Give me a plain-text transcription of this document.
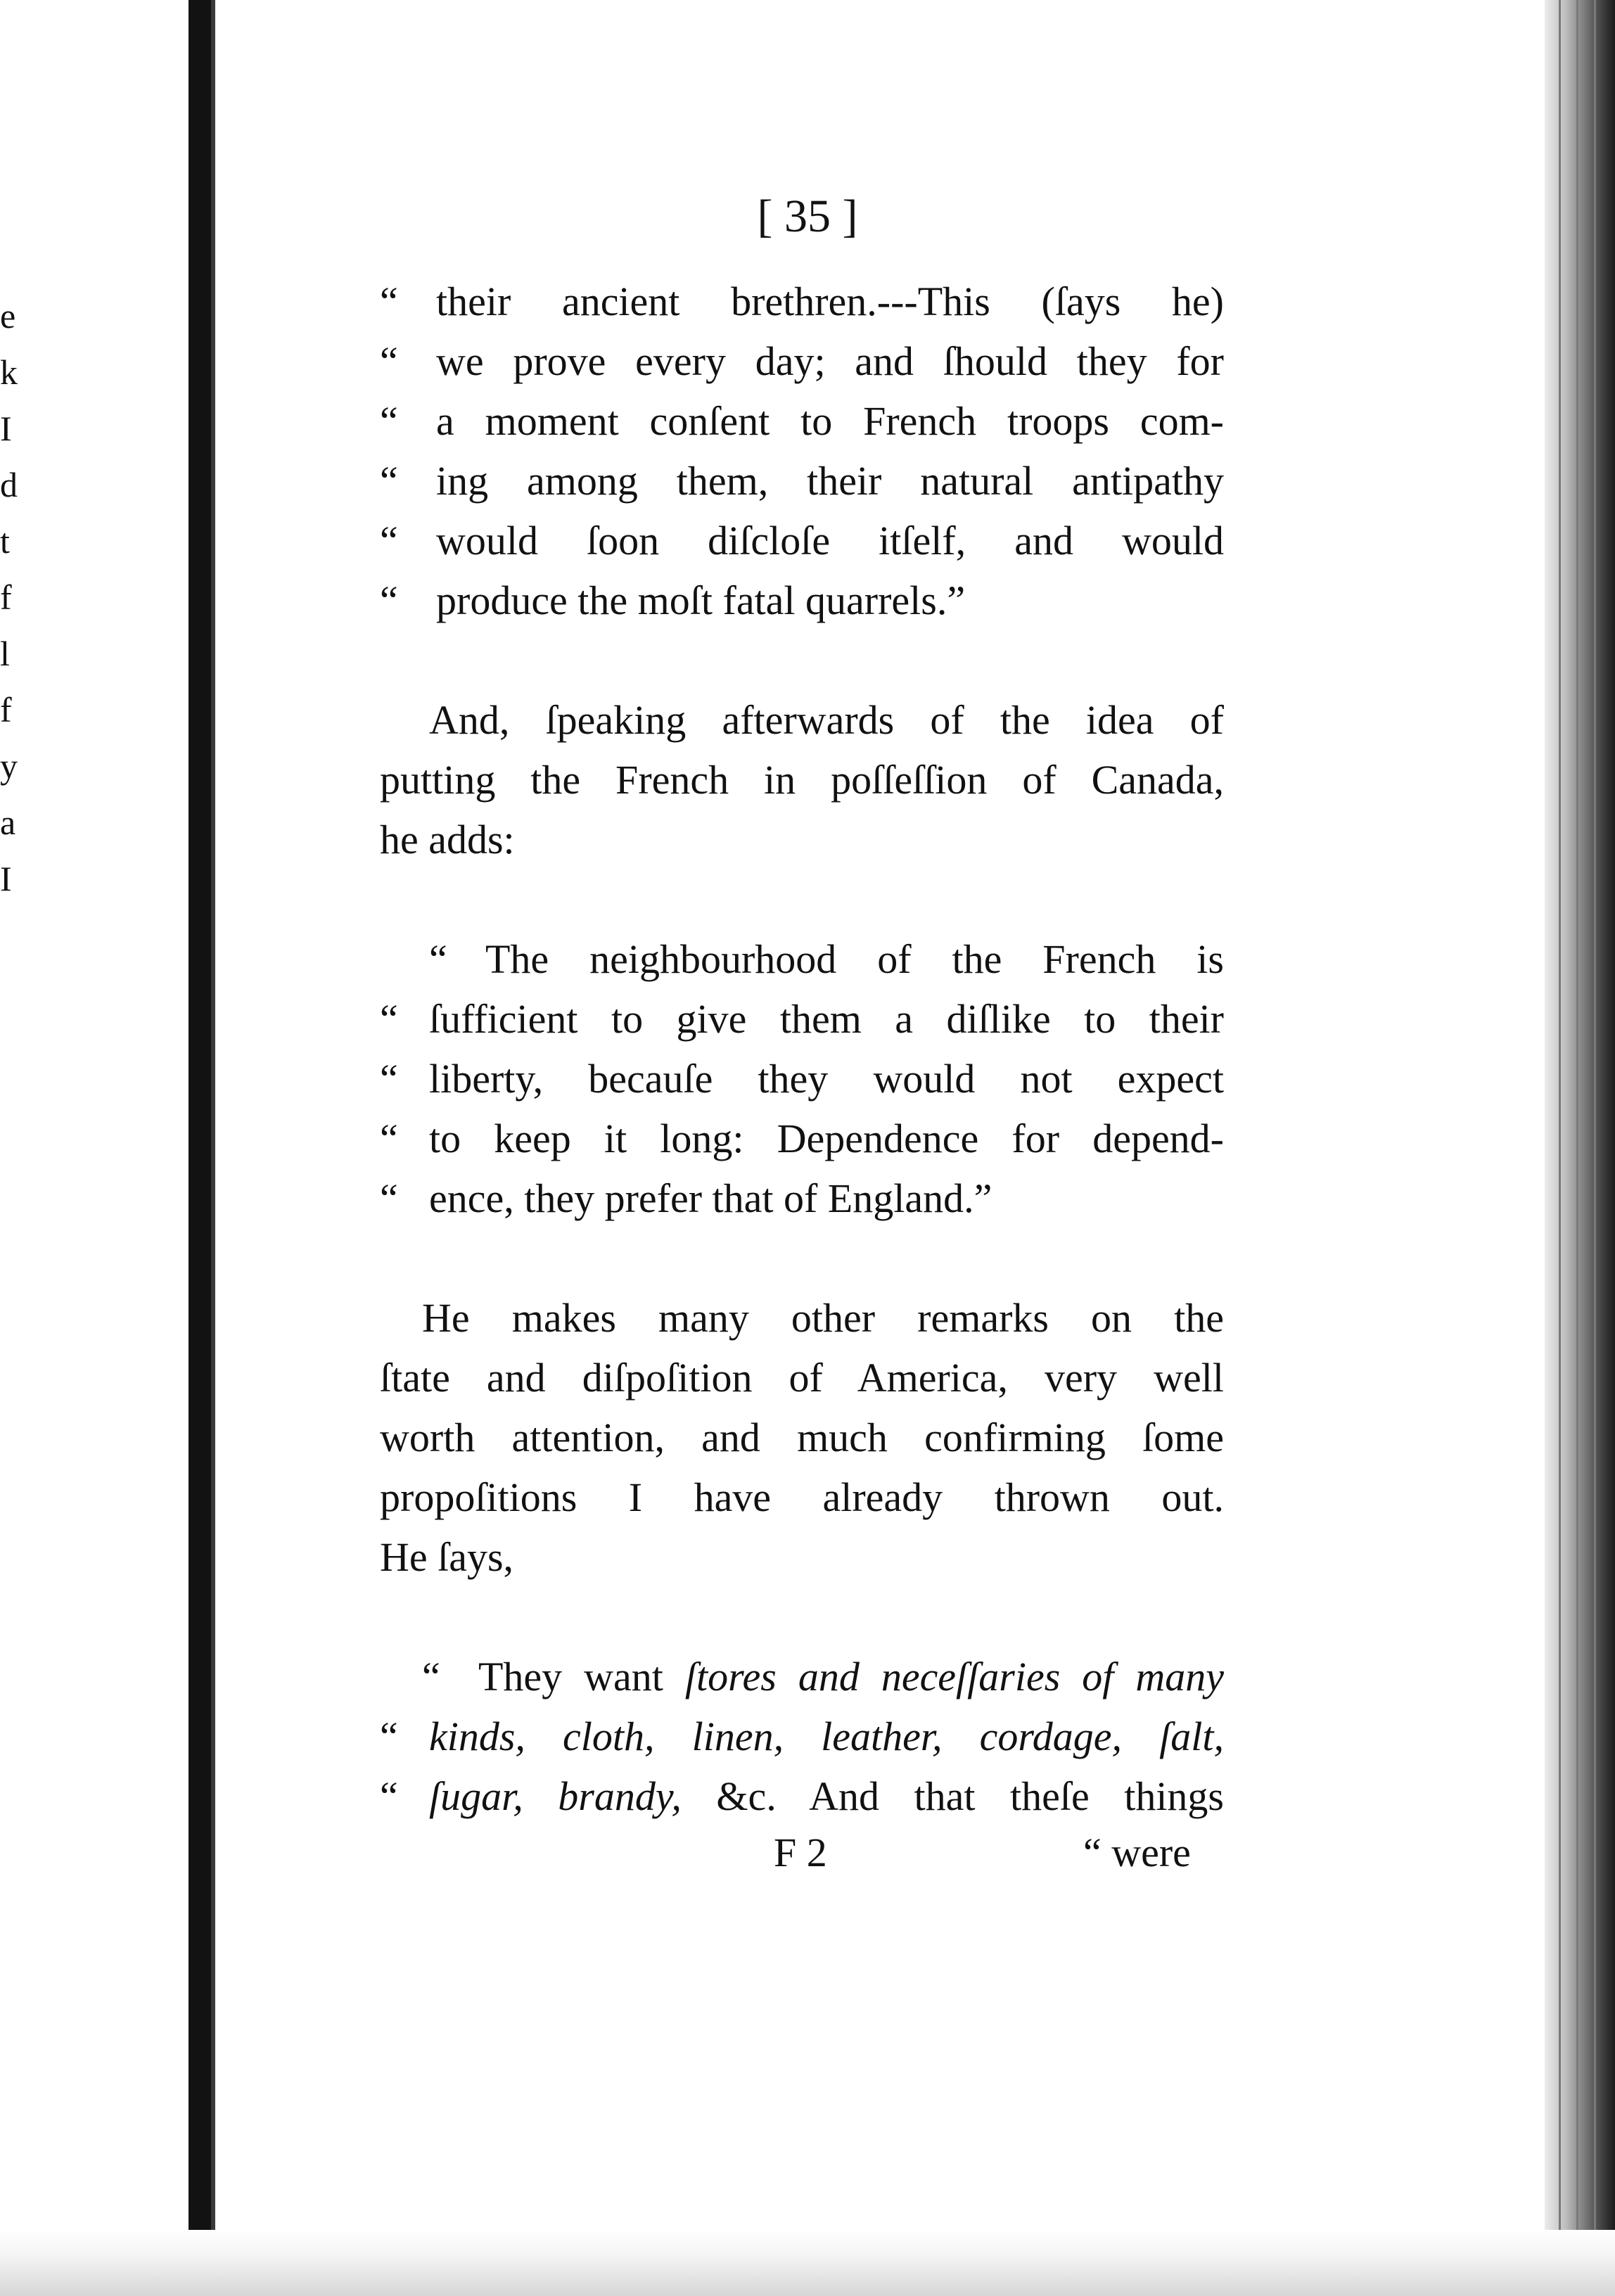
e
k
I
d
t
f
l
f
y
a
I
[ 35 ]
“ their ancient brethren.---This (ſays he)
“ we prove every day; and ſhould they for
“ a moment conſent to French troops com-
“ ing among them, their natural antipathy
“ would ſoon diſcloſe itſelf, and would
“ produce the moſt fatal quarrels.”
And, ſpeaking afterwards of the idea of
putting the French in poſſeſſion of Canada,
he adds:
“ The neighbourhood of the French is
“ ſufficient to give them a diſlike to their
“ liberty, becauſe they would not expect
“ to keep it long: Dependence for depend-
“ ence, they prefer that of England.”
He makes many other remarks on the
ſtate and diſpoſition of America, very well
worth attention, and much confirming ſome
propoſitions I have already thrown out.
He ſays,
“ They want ſtores and neceſſaries of many
“ kinds, cloth, linen, leather, cordage, ſalt,
“ ſugar, brandy, &c. And that theſe things
F 2	“ were
